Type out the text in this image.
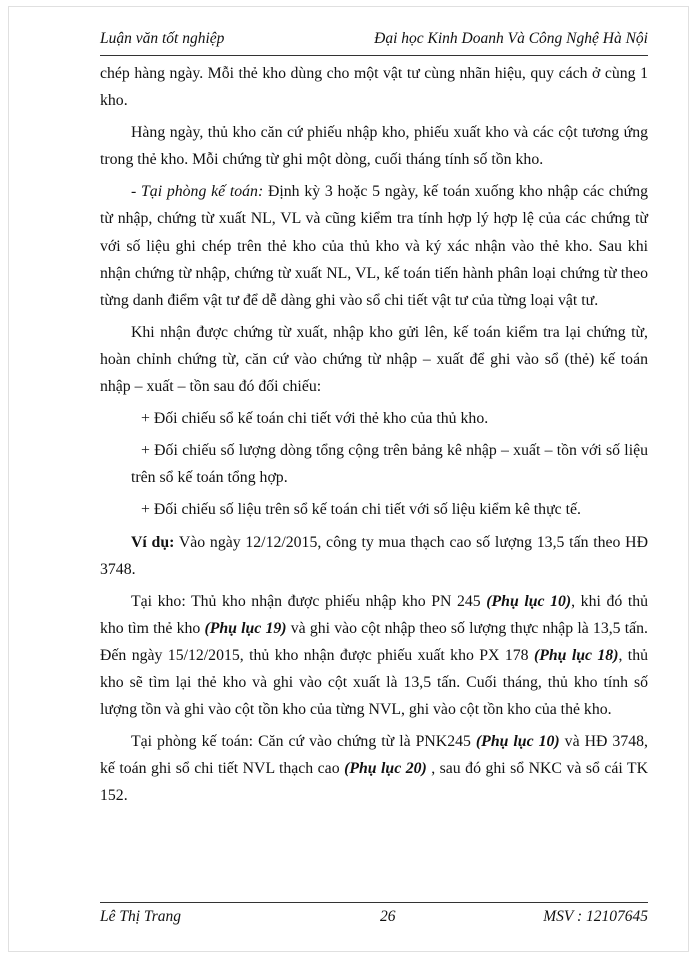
Luận văn tốt nghiệp	Đại học Kinh Doanh Và Công Nghệ Hà Nội

chép hàng ngày. Mỗi thẻ kho dùng cho một vật tư cùng nhãn hiệu, quy cách ở cùng 1 kho.

Hàng ngày, thủ kho căn cứ phiếu nhập kho, phiếu xuất kho và các cột tương ứng trong thẻ kho. Mỗi chứng từ ghi một dòng, cuối tháng tính số tồn kho.

- Tại phòng kế toán: Định kỳ 3 hoặc 5 ngày, kế toán xuống kho nhập các chứng từ nhập, chứng từ xuất NL, VL và cũng kiểm tra tính hợp lý hợp lệ của các chứng từ với số liệu ghi chép trên thẻ kho của thủ kho và ký xác nhận vào thẻ kho. Sau khi nhận chứng từ nhập, chứng từ xuất NL, VL, kế toán tiến hành phân loại chứng từ theo từng danh điểm vật tư để dễ dàng ghi vào sổ chi tiết vật tư của từng loại vật tư.

Khi nhận được chứng từ xuất, nhập kho gửi lên, kế toán kiểm tra lại chứng từ, hoàn chỉnh chứng từ, căn cứ vào chứng từ nhập – xuất để ghi vào sổ (thẻ) kế toán nhập – xuất – tồn sau đó đối chiếu:

+ Đối chiếu sổ kế toán chi tiết với thẻ kho của thủ kho.

+ Đối chiếu số lượng dòng tổng cộng trên bảng kê nhập – xuất – tồn với số liệu trên sổ kế toán tổng hợp.

+ Đối chiếu số liệu trên sổ kế toán chi tiết với số liệu kiểm kê thực tế.

Ví dụ: Vào ngày 12/12/2015, công ty mua thạch cao số lượng 13,5 tấn theo HĐ 3748.

Tại kho: Thủ kho nhận được phiếu nhập kho PN 245 (Phụ lục 10), khi đó thủ kho tìm thẻ kho (Phụ lục 19) và ghi vào cột nhập theo số lượng thực nhập là 13,5 tấn. Đến ngày 15/12/2015, thủ kho nhận được phiếu xuất kho PX 178 (Phụ lục 18), thủ kho sẽ tìm lại thẻ kho và ghi vào cột xuất là 13,5 tấn. Cuối tháng, thủ kho tính số lượng tồn và ghi vào cột tồn kho của từng NVL, ghi vào cột tồn kho của thẻ kho.

Tại phòng kế toán: Căn cứ vào chứng từ là PNK245 (Phụ lục 10) và HĐ 3748, kế toán ghi sổ chi tiết NVL thạch cao (Phụ lục 20) , sau đó ghi sổ NKC và sổ cái TK 152.

Lê Thị Trang	26	MSV : 12107645
